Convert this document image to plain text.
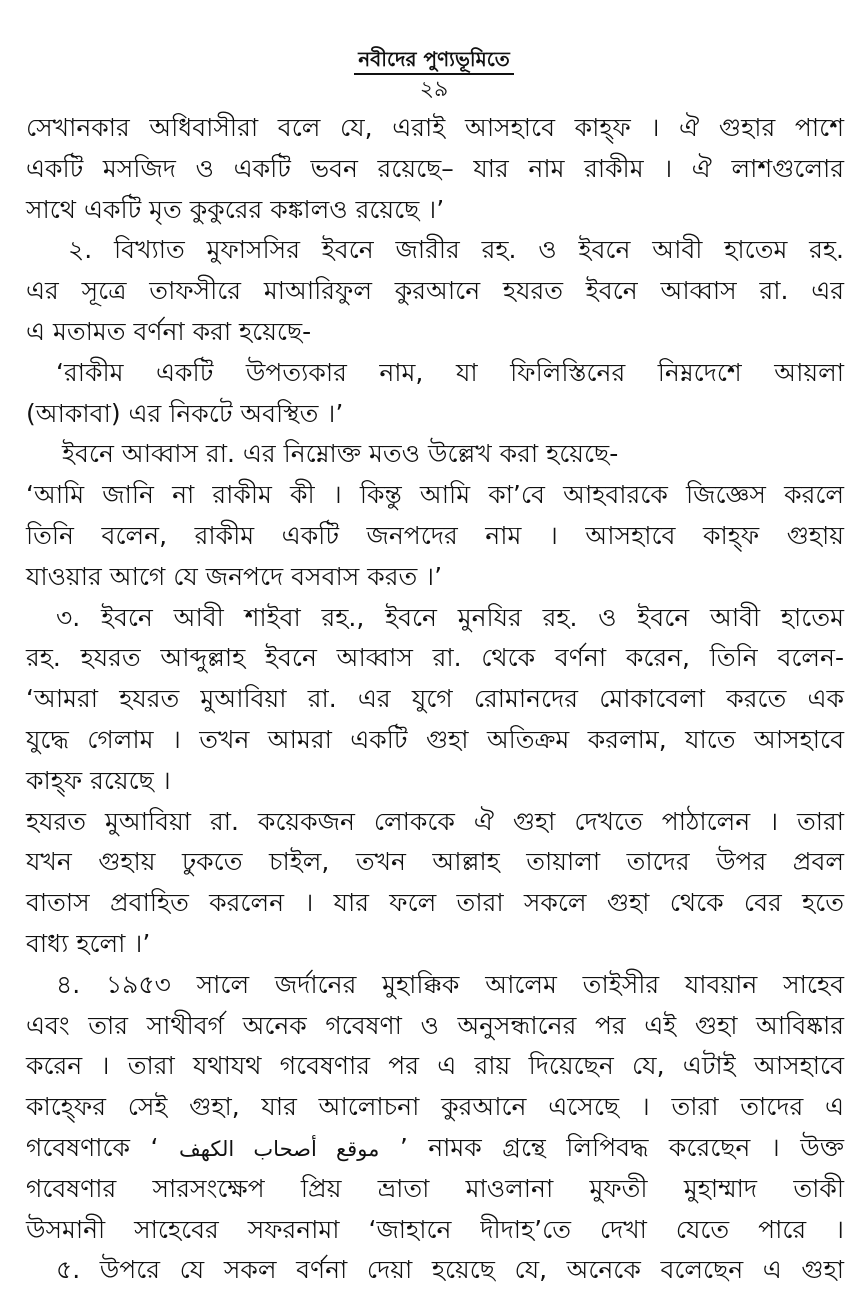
নবীদের পুণ্যভূমিতে
২৯
সেখানকার অধিবাসীরা বলে যে, এরাই আসহাবে কাহ্ফ । ঐ গুহার পাশে
একটি মসজিদ ও একটি ভবন রয়েছে– যার নাম রাকীম । ঐ লাশগুলোর
সাথে একটি মৃত কুকুরের কঙ্কালও রয়েছে ।’
২. বিখ্যাত মুফাসসির ইবনে জারীর রহ. ও ইবনে আবী হাতেম রহ.
এর সূত্রে তাফসীরে মাআরিফুল কুরআনে হযরত ইবনে আব্বাস রা. এর
এ মতামত বর্ণনা করা হয়েছে-
‘রাকীম একটি উপত্যকার নাম, যা ফিলিস্তিনের নিম্নদেশে আয়লা
(আকাবা) এর নিকটে অবস্থিত ।’
ইবনে আব্বাস রা. এর নিম্নোক্ত মতও উল্লেখ করা হয়েছে-
‘আমি জানি না রাকীম কী । কিন্তু আমি কা’বে আহবারকে জিজ্ঞেস করলে
তিনি বলেন, রাকীম একটি জনপদের নাম । আসহাবে কাহ্ফ গুহায়
যাওয়ার আগে যে জনপদে বসবাস করত ।’
৩. ইবনে আবী শাইবা রহ., ইবনে মুনযির রহ. ও ইবনে আবী হাতেম
রহ. হযরত আব্দুল্লাহ ইবনে আব্বাস রা. থেকে বর্ণনা করেন, তিনি বলেন-
‘আমরা হযরত মুআবিয়া রা. এর যুগে রোমানদের মোকাবেলা করতে এক
যুদ্ধে গেলাম । তখন আমরা একটি গুহা অতিক্রম করলাম, যাতে আসহাবে
কাহ্ফ রয়েছে ।
হযরত মুআবিয়া রা. কয়েকজন লোককে ঐ গুহা দেখতে পাঠালেন । তারা
যখন গুহায় ঢুকতে চাইল, তখন আল্লাহ তায়ালা তাদের উপর প্রবল
বাতাস প্রবাহিত করলেন । যার ফলে তারা সকলে গুহা থেকে বের হতে
বাধ্য হলো ।’
৪. ১৯৫৩ সালে জর্দানের মুহাক্কিক আলেম তাইসীর যাবয়ান সাহেব
এবং তার সাথীবর্গ অনেক গবেষণা ও অনুসন্ধানের পর এই গুহা আবিষ্কার
করেন । তারা যথাযথ গবেষণার পর এ রায় দিয়েছেন যে, এটাই আসহাবে
কাহ্ফের সেই গুহা, যার আলোচনা কুরআনে এসেছে । তারা তাদের এ
গবেষণাকে ‘ موقع أصحاب الكهف ’ নামক গ্রন্থে লিপিবদ্ধ করেছেন । উক্ত
গবেষণার সারসংক্ষেপ প্রিয় ভ্রাতা মাওলানা মুফতী মুহাম্মাদ তাকী
উসমানী সাহেবের সফরনামা ‘জাহানে দীদাহ’তে দেখা যেতে পারে ।
৫. উপরে যে সকল বর্ণনা দেয়া হয়েছে যে, অনেকে বলেছেন এ গুহা
